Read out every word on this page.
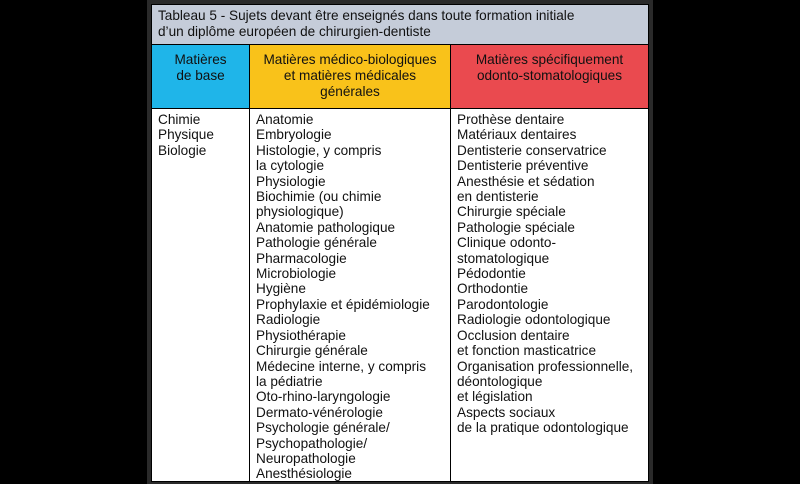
Tableau 5 - Sujets devant être enseignés dans toute formation initiale
d’un diplôme européen de chirurgien-dentiste
Matières
de base
Matières médico-biologiques
et matières médicales
générales
Matières spécifiquement
odonto-stomatologiques
Chimie
Physique
Biologie
Anatomie
Embryologie
Histologie, y compris
la cytologie
Physiologie
Biochimie (ou chimie
physiologique)
Anatomie pathologique
Pathologie générale
Pharmacologie
Microbiologie
Hygiène
Prophylaxie et épidémiologie
Radiologie
Physiothérapie
Chirurgie générale
Médecine interne, y compris
la pédiatrie
Oto-rhino-laryngologie
Dermato-vénérologie
Psychologie générale/
Psychopathologie/
Neuropathologie
Anesthésiologie
Prothèse dentaire
Matériaux dentaires
Dentisterie conservatrice
Dentisterie préventive
Anesthésie et sédation
en dentisterie
Chirurgie spéciale
Pathologie spéciale
Clinique odonto-
stomatologique
Pédodontie
Orthodontie
Parodontologie
Radiologie odontologique
Occlusion dentaire
et fonction masticatrice
Organisation professionnelle,
déontologique
et législation
Aspects sociaux
de la pratique odontologique
